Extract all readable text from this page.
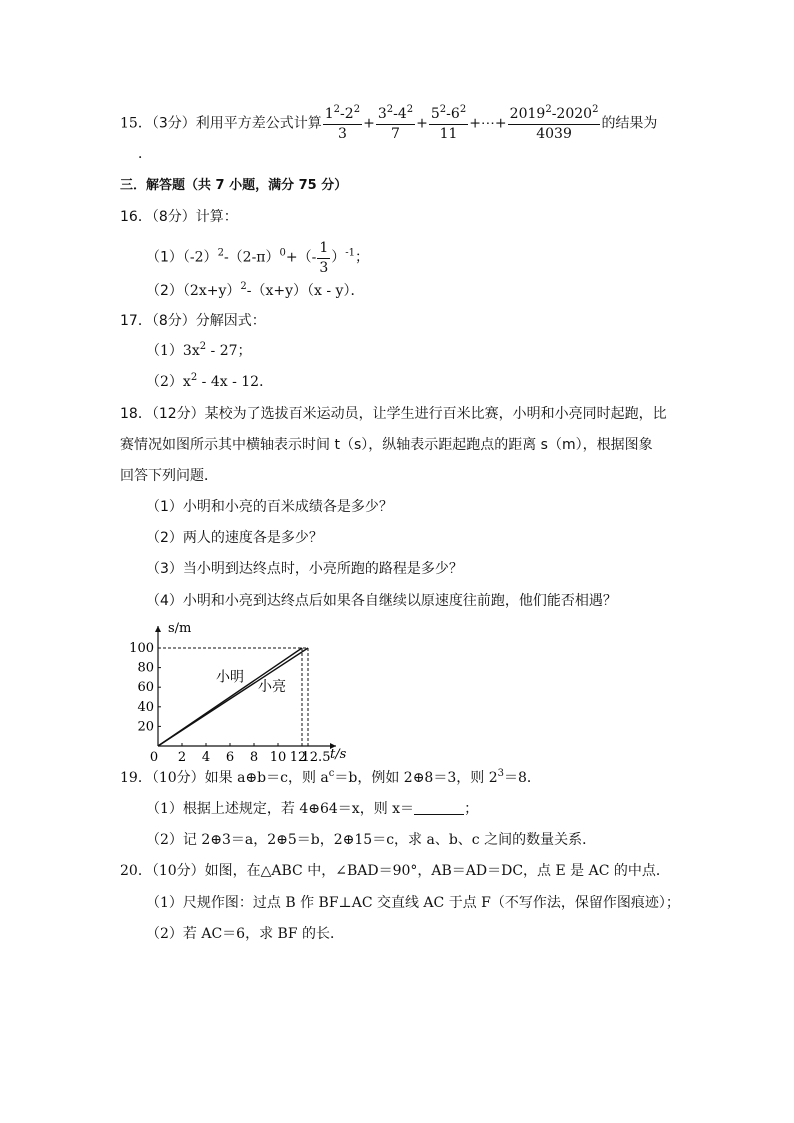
15．（3分）利用平方差公式计算 $\frac{1^2-2^2}{3} + \frac{3^2-4^2}{7} + \frac{5^2-6^2}{11}$ +⋯+ $\frac{2019^2-2020^2}{4039}$ 的结果为
．
三．解答题（共 7 小题，满分 75 分）
16．（8分）计算：
$(1)(-2)^2-(2-\pi)^0+(- \frac{1}{3} )^{-1}$；
$(2)(2x+y)^2-(x+y)(x - y)$．
17．（8分）分解因式：
$(1)3x^2 - 27$；
$(2)x^2 - 4x - 12$．
18．（12分）某校为了选拔百米运动员，让学生进行百米比赛，小明和小亮同时起跑，比
赛情况如图所示其中横轴表示时间 t（s），纵轴表示距起跑点的距离 s（m），根据图象
回答下列问题．
（1）小明和小亮的百米成绩各是多少？
（2）两人的速度各是多少？
（3）当小明到达终点时，小亮所跑的路程是多少？
（4）小明和小亮到达终点后如果各自继续以原速度往前跑，他们能否相遇？
s/m
t/s
0 2 4 6 8 10 12
12.5
20
40
60
80
100
小明
小亮
19．（10分）如果 a⊕b＝c，则 $a^c=b$，例如 2⊕8＝3，则 $2^3=8$．
（1）根据上述规定，若 4⊕64＝x，则 x＝	；
（2）记 2⊕3＝a，2⊕5＝b，2⊕15＝c，求 a、b、c 之间的数量关系．
20．（10分）如图，在△ABC 中，∠BAD＝90°，AB＝AD＝DC，点 E 是 AC 的中点．
（1）尺规作图：过点 B 作 BF⊥AC 交直线 AC 于点 F（不写作法，保留作图痕迹）；
（2）若 AC＝6，求 BF 的长．
